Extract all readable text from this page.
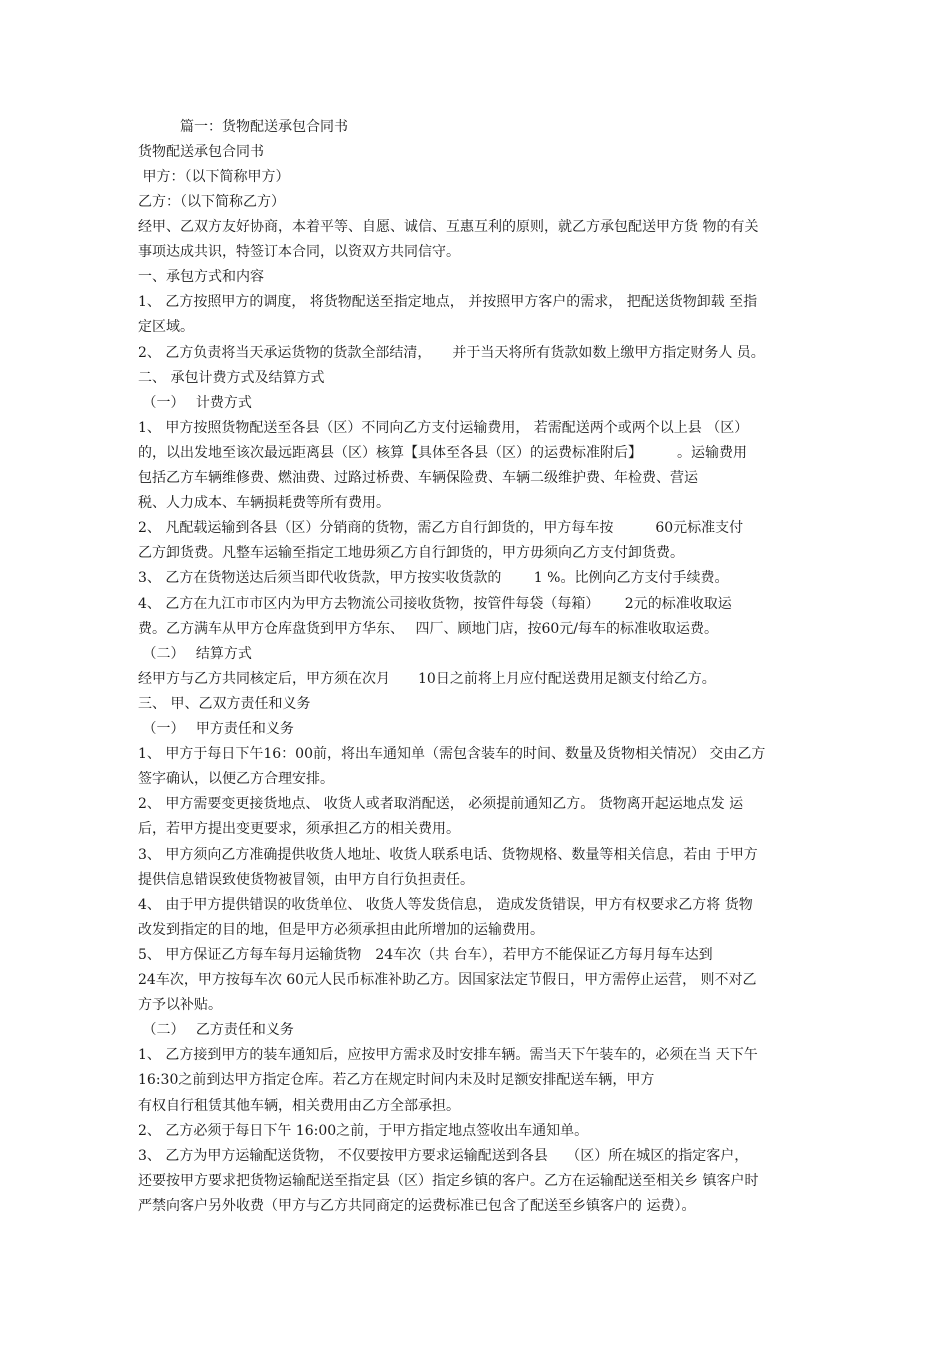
　　　篇一：货物配送承包合同书
货物配送承包合同书
甲方：（以下简称甲方）
乙方：（以下简称乙方）
经甲、乙双方友好协商，本着平等、自愿、诚信、互惠互利的原则，就乙方承包配送甲方货 物的有关
事项达成共识，特签订本合同，以资双方共同信守。
一、承包方式和内容
1、 乙方按照甲方的调度， 将货物配送至指定地点， 并按照甲方客户的需求， 把配送货物卸载 至指
定区域。
2、 乙方负责将当天承运货物的货款全部结清，　　并于当天将所有货款如数上缴甲方指定财务人 员。
二、 承包计费方式及结算方式
（一）　 计费方式
1、 甲方按照货物配送至各县（区）不同向乙方支付运输费用， 若需配送两个或两个以上县 （区）
的，以出发地至该次最远距离县（区）核算【具体至各县（区）的运费标准附后】　　　。运输费用
包括乙方车辆维修费、燃油费、过路过桥费、车辆保险费、车辆二级维护费、年检费、营运
税、人力成本、车辆损耗费等所有费用。
2、 凡配载运输到各县（区）分销商的货物，需乙方自行卸货的，甲方每车按　　　60元标准支付
乙方卸货费。凡整车运输至指定工地毋须乙方自行卸货的，甲方毋须向乙方支付卸货费。
3、 乙方在货物送达后须当即代收货款，甲方按实收货款的　　 1 %。比例向乙方支付手续费。
4、 乙方在九江市市区内为甲方去物流公司接收货物，按管件每袋（每箱）　　 2元的标准收取运
费。乙方满车从甲方仓库盘货到甲方华东、　 四厂、顾地门店，按60元/每车的标准收取运费。
（二）　 结算方式
经甲方与乙方共同核定后，甲方须在次月　　10日之前将上月应付配送费用足额支付给乙方。
三、 甲、乙双方责任和义务
（一）　 甲方责任和义务
1、 甲方于每日下午16：00前，将出车通知单（需包含装车的时间、数量及货物相关情况） 交由乙方
签字确认，以便乙方合理安排。
2、 甲方需要变更接货地点、 收货人或者取消配送， 必须提前通知乙方。 货物离开起运地点发 运
后，若甲方提出变更要求，须承担乙方的相关费用。
3、 甲方须向乙方准确提供收货人地址、收货人联系电话、货物规格、数量等相关信息，若由 于甲方
提供信息错误致使货物被冒领，由甲方自行负担责任。
4、 由于甲方提供错误的收货单位、 收货人等发货信息， 造成发货错误，甲方有权要求乙方将 货物
改发到指定的目的地，但是甲方必须承担由此所增加的运输费用。
5、 甲方保证乙方每车每月运输货物　24车次（共 台车），若甲方不能保证乙方每月每车达到
24车次，甲方按每车次 60元人民币标准补助乙方。因国家法定节假日，甲方需停止运营， 则不对乙
方予以补贴。
（二）　 乙方责任和义务
1、 乙方接到甲方的装车通知后，应按甲方需求及时安排车辆。需当天下午装车的，必须在当 天下午
16:30之前到达甲方指定仓库。若乙方在规定时间内未及时足额安排配送车辆，甲方
有权自行租赁其他车辆，相关费用由乙方全部承担。
2、 乙方必须于每日下午 16:00之前，于甲方指定地点签收出车通知单。
3、 乙方为甲方运输配送货物， 不仅要按甲方要求运输配送到各县　 （区）所在城区的指定客户，
还要按甲方要求把货物运输配送至指定县（区）指定乡镇的客户。乙方在运输配送至相关乡 镇客户时
严禁向客户另外收费（甲方与乙方共同商定的运费标准已包含了配送至乡镇客户的 运费）。
